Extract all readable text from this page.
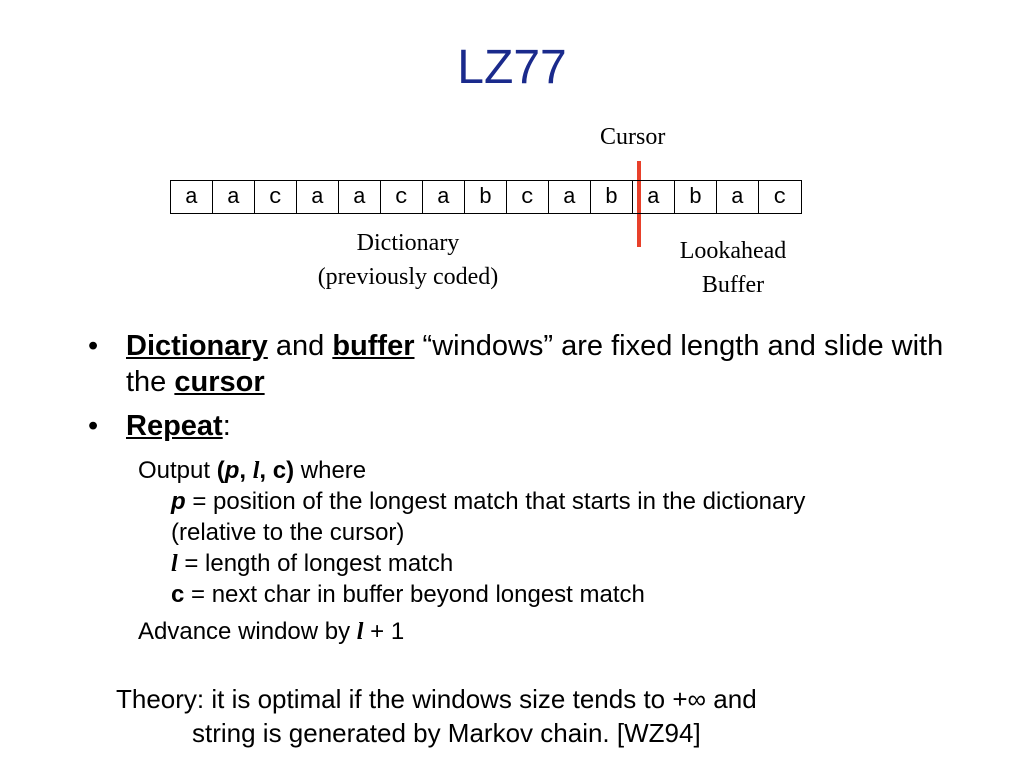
LZ77
Cursor
a	a	c	a	a	c	a	b	c	a	b	a	b	a	c
Dictionary
(previously coded)
Lookahead
Buffer
• Dictionary and buffer “windows” are fixed length and slide with the cursor
• Repeat:
Output (p, l, c) where
p = position of the longest match that starts in the dictionary
(relative to the cursor)
l = length of longest match
c = next char in buffer beyond longest match
Advance window by l + 1
Theory: it is optimal if the windows size tends to +∞ and
string is generated by Markov chain. [WZ94]
